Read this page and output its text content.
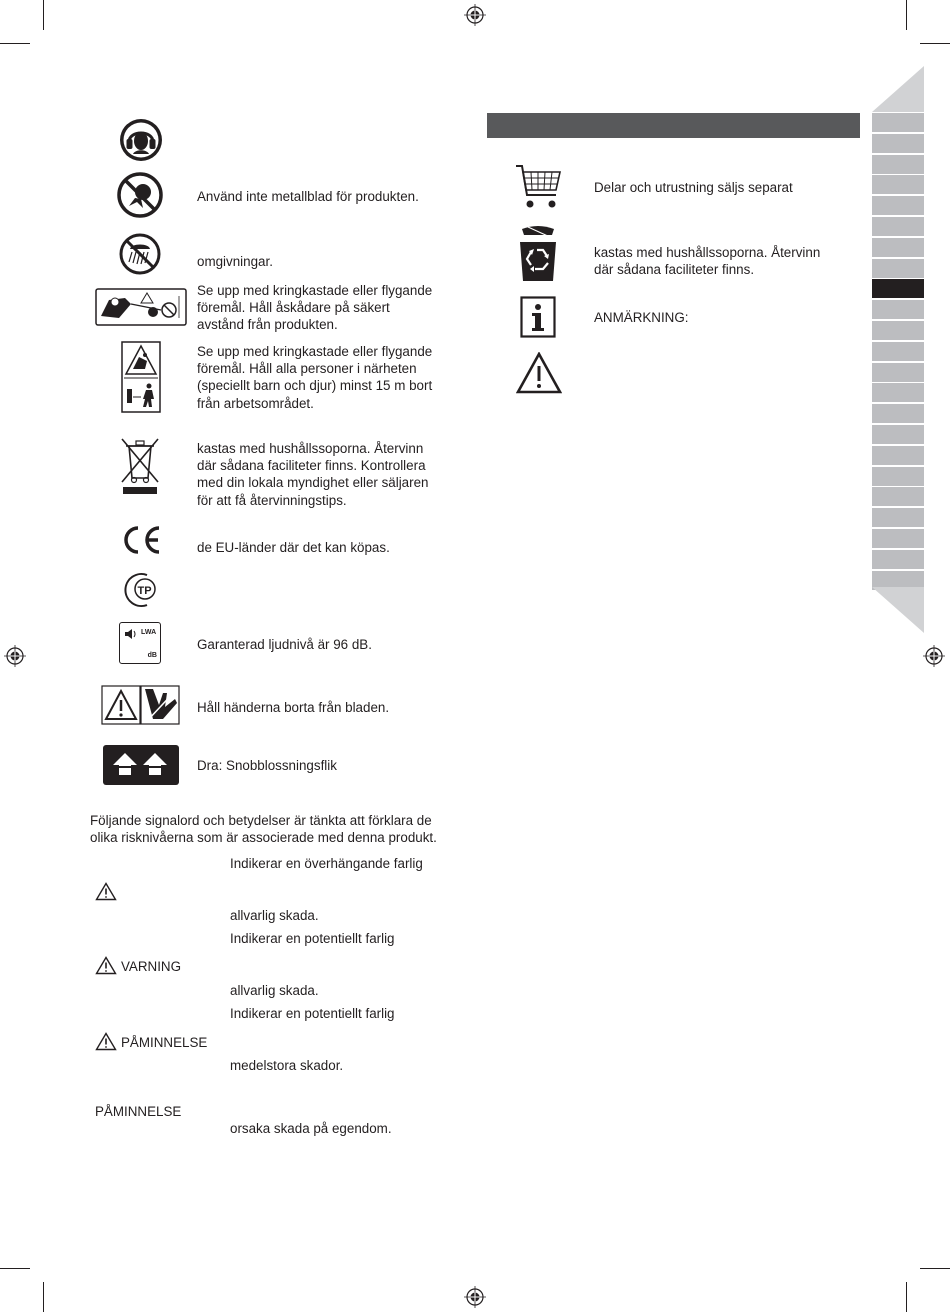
TP
LWA
dB
Använd inte metallblad för produkten.
omgivningar.
Se upp med kringkastade eller flygande
föremål. Håll åskådare på säkert
avstånd från produkten.
Se upp med kringkastade eller flygande
föremål. Håll alla personer i närheten
(speciellt barn och djur) minst 15 m bort
från arbetsområdet.
kastas med hushållssoporna. Återvinn
där sådana faciliteter finns. Kontrollera
med din lokala myndighet eller säljaren
för att få återvinningstips.
de EU-länder där det kan köpas.
Garanterad ljudnivå är 96 dB.
Håll händerna borta från bladen.
Dra: Snobblossningsflik
Följande signalord och betydelser är tänkta att förklara de
olika risknivåerna som är associerade med denna produkt.
Indikerar en överhängande farlig
allvarlig skada.
Indikerar en potentiellt farlig
VARNING
allvarlig skada.
Indikerar en potentiellt farlig
PÅMINNELSE
medelstora skador.
PÅMINNELSE
orsaka skada på egendom.
Delar och utrustning säljs separat
kastas med hushållssoporna. Återvinn
där sådana faciliteter finns.
ANMÄRKNING:
